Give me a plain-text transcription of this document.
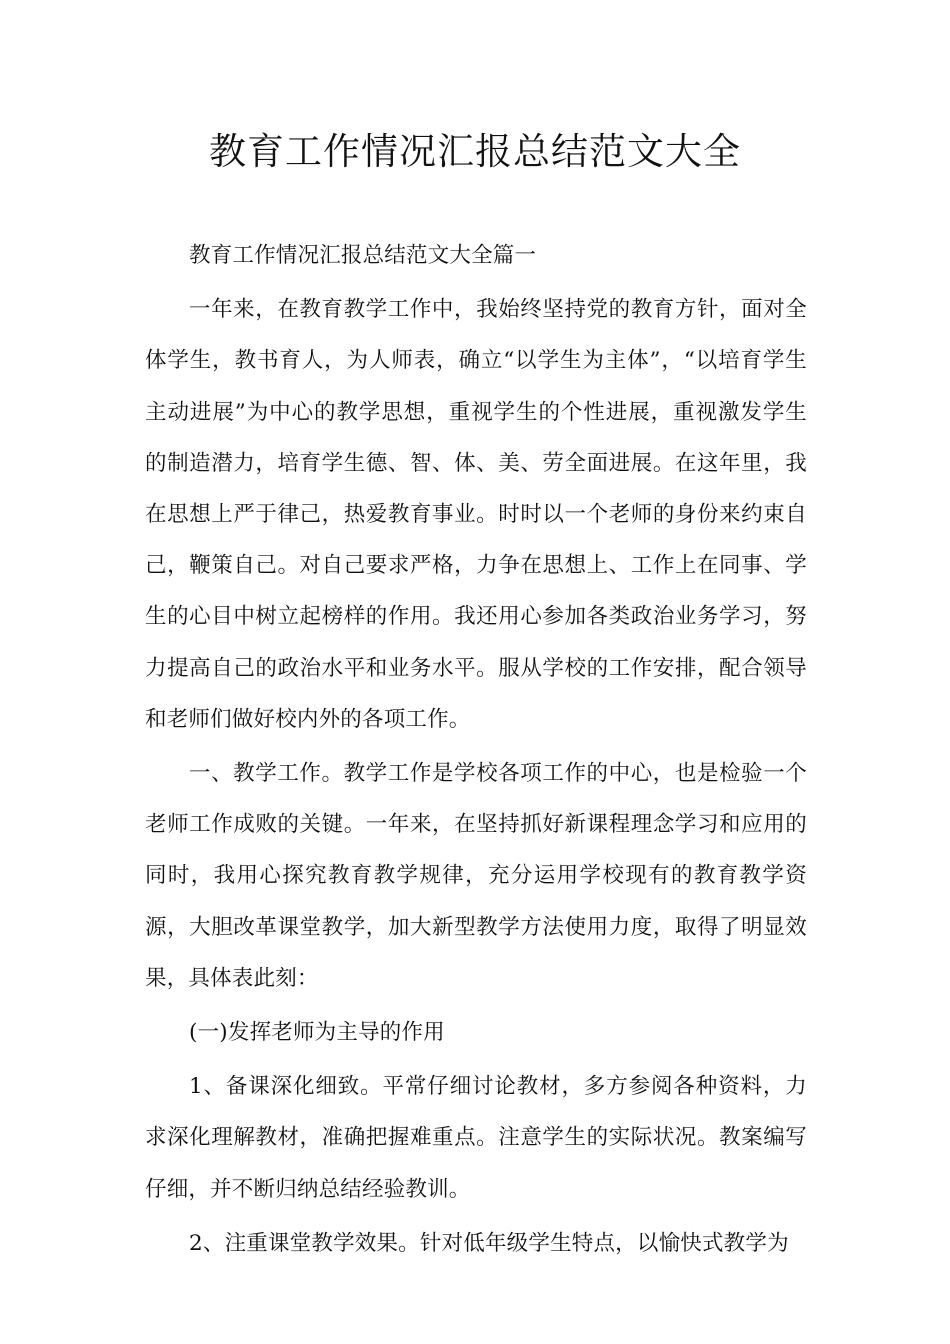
教育工作情况汇报总结范文大全

教育工作情况汇报总结范文大全篇一

一年来，在教育教学工作中，我始终坚持党的教育方针，面对全体学生，教书育人，为人师表，确立“以学生为主体”，“以培育学生主动进展”为中心的教学思想，重视学生的个性进展，重视激发学生的制造潜力，培育学生德、智、体、美、劳全面进展。在这年里，我在思想上严于律己，热爱教育事业。时时以一个老师的身份来约束自己，鞭策自己。对自己要求严格，力争在思想上、工作上在同事、学生的心目中树立起榜样的作用。我还用心参加各类政治业务学习，努力提高自己的政治水平和业务水平。服从学校的工作安排，配合领导和老师们做好校内外的各项工作。

一、教学工作。教学工作是学校各项工作的中心，也是检验一个老师工作成败的关键。一年来，在坚持抓好新课程理念学习和应用的同时，我用心探究教育教学规律，充分运用学校现有的教育教学资源，大胆改革课堂教学，加大新型教学方法使用力度，取得了明显效果，具体表此刻：

(一)发挥老师为主导的作用

1、备课深化细致。平常仔细讨论教材，多方参阅各种资料，力求深化理解教材，准确把握难重点。注意学生的实际状况。教案编写仔细，并不断归纳总结经验教训。

2、注重课堂教学效果。针对低年级学生特点，以愉快式教学为
